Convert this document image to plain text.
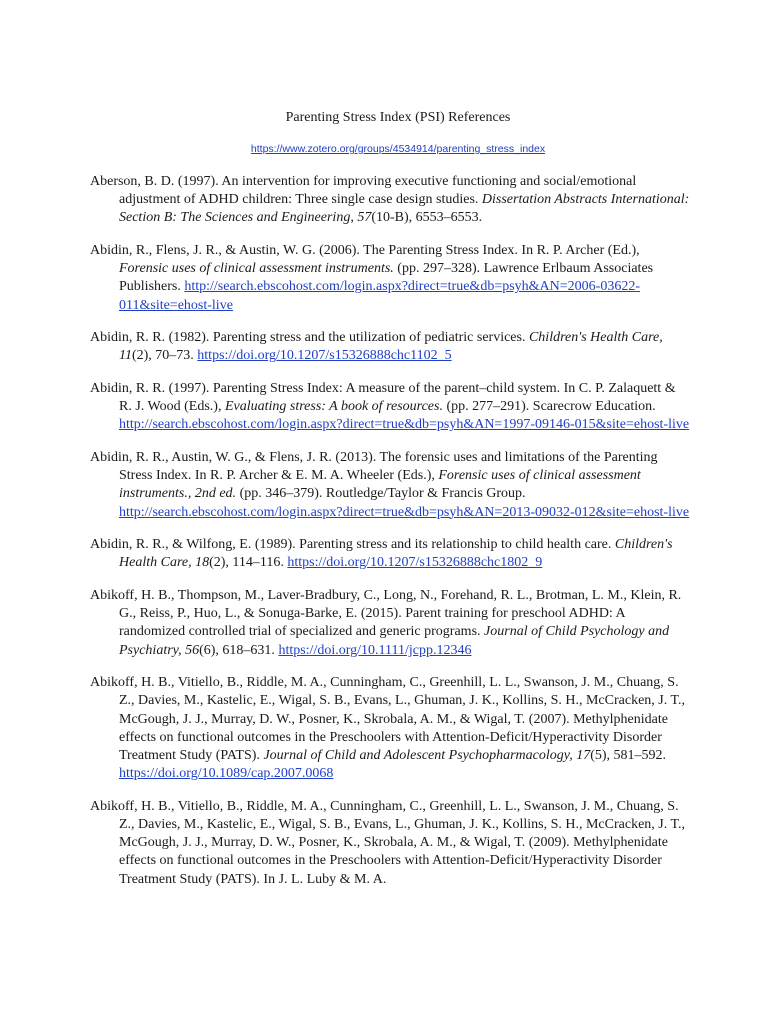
Parenting Stress Index (PSI) References
https://www.zotero.org/groups/4534914/parenting_stress_index

Aberson, B. D. (1997). An intervention for improving executive functioning and social/emotional adjustment of ADHD children: Three single case design studies. Dissertation Abstracts International: Section B: The Sciences and Engineering, 57(10-B), 6553–6553.

Abidin, R., Flens, J. R., & Austin, W. G. (2006). The Parenting Stress Index. In R. P. Archer (Ed.), Forensic uses of clinical assessment instruments. (pp. 297–328). Lawrence Erlbaum Associates Publishers. http://search.ebscohost.com/login.aspx?direct=true&db=psyh&AN=2006-03622-011&site=ehost-live

Abidin, R. R. (1982). Parenting stress and the utilization of pediatric services. Children's Health Care, 11(2), 70–73. https://doi.org/10.1207/s15326888chc1102_5

Abidin, R. R. (1997). Parenting Stress Index: A measure of the parent–child system. In C. P. Zalaquett & R. J. Wood (Eds.), Evaluating stress: A book of resources. (pp. 277–291). Scarecrow Education. http://search.ebscohost.com/login.aspx?direct=true&db=psyh&AN=1997-09146-015&site=ehost-live

Abidin, R. R., Austin, W. G., & Flens, J. R. (2013). The forensic uses and limitations of the Parenting Stress Index. In R. P. Archer & E. M. A. Wheeler (Eds.), Forensic uses of clinical assessment instruments., 2nd ed. (pp. 346–379). Routledge/Taylor & Francis Group. http://search.ebscohost.com/login.aspx?direct=true&db=psyh&AN=2013-09032-012&site=ehost-live

Abidin, R. R., & Wilfong, E. (1989). Parenting stress and its relationship to child health care. Children's Health Care, 18(2), 114–116. https://doi.org/10.1207/s15326888chc1802_9

Abikoff, H. B., Thompson, M., Laver-Bradbury, C., Long, N., Forehand, R. L., Brotman, L. M., Klein, R. G., Reiss, P., Huo, L., & Sonuga-Barke, E. (2015). Parent training for preschool ADHD: A randomized controlled trial of specialized and generic programs. Journal of Child Psychology and Psychiatry, 56(6), 618–631. https://doi.org/10.1111/jcpp.12346

Abikoff, H. B., Vitiello, B., Riddle, M. A., Cunningham, C., Greenhill, L. L., Swanson, J. M., Chuang, S. Z., Davies, M., Kastelic, E., Wigal, S. B., Evans, L., Ghuman, J. K., Kollins, S. H., McCracken, J. T., McGough, J. J., Murray, D. W., Posner, K., Skrobala, A. M., & Wigal, T. (2007). Methylphenidate effects on functional outcomes in the Preschoolers with Attention-Deficit/Hyperactivity Disorder Treatment Study (PATS). Journal of Child and Adolescent Psychopharmacology, 17(5), 581–592. https://doi.org/10.1089/cap.2007.0068

Abikoff, H. B., Vitiello, B., Riddle, M. A., Cunningham, C., Greenhill, L. L., Swanson, J. M., Chuang, S. Z., Davies, M., Kastelic, E., Wigal, S. B., Evans, L., Ghuman, J. K., Kollins, S. H., McCracken, J. T., McGough, J. J., Murray, D. W., Posner, K., Skrobala, A. M., & Wigal, T. (2009). Methylphenidate effects on functional outcomes in the Preschoolers with Attention-Deficit/Hyperactivity Disorder Treatment Study (PATS). In J. L. Luby & M. A.
